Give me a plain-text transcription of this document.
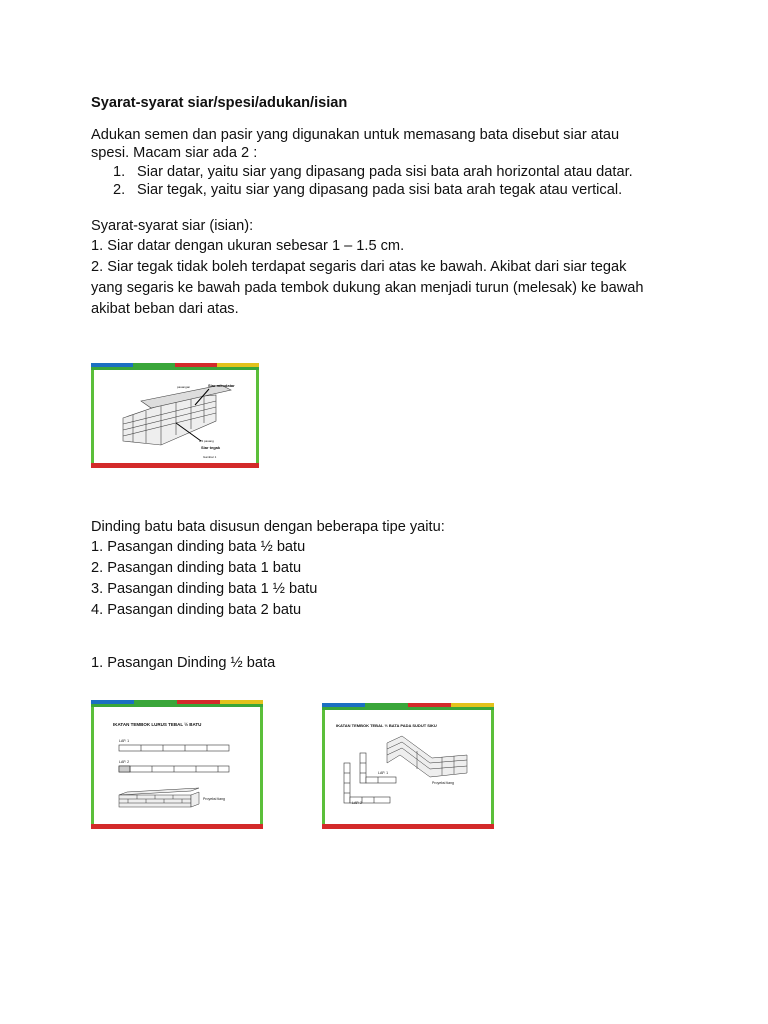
Syarat-syarat siar/spesi/adukan/isian
Adukan semen dan pasir yang digunakan untuk memasang bata disebut siar atau
spesi. Macam siar ada 2 :
1. Siar datar, yaitu siar yang dipasang pada sisi bata arah horizontal atau datar.
2. Siar tegak, yaitu siar yang dipasang pada sisi bata arah tegak atau vertical.
Syarat-syarat siar (isian):
1. Siar datar dengan ukuran sebesar 1 – 1.5 cm.
2. Siar tegak tidak boleh terdapat segaris dari atas ke bawah. Akibat dari siar tegak
yang segaris ke bawah pada tembok dukung akan menjadi turun (melesak) ke bawah
akibat beban dari atas.
Dinding batu bata disusun dengan beberapa tipe yaitu:
1. Pasangan dinding bata ½ batu
2. Pasangan dinding bata 1 batu
3. Pasangan dinding bata 1 ½ batu
4. Pasangan dinding bata 2 batu
1. Pasangan Dinding ½ bata
Siar mendatar
pasangan
1/2 pasang
Siar tegak
Gambar 1
IKATAN TEMBOK LURUS TEBAL ½ BATU
LAP. 1
LAP. 2
Proyeksi tiang
IKATAN TEMBOK TEBAL ½ BATA PADA SUDUT SIKU
LAP. 1
LAP. 2
Proyeksi tiang
